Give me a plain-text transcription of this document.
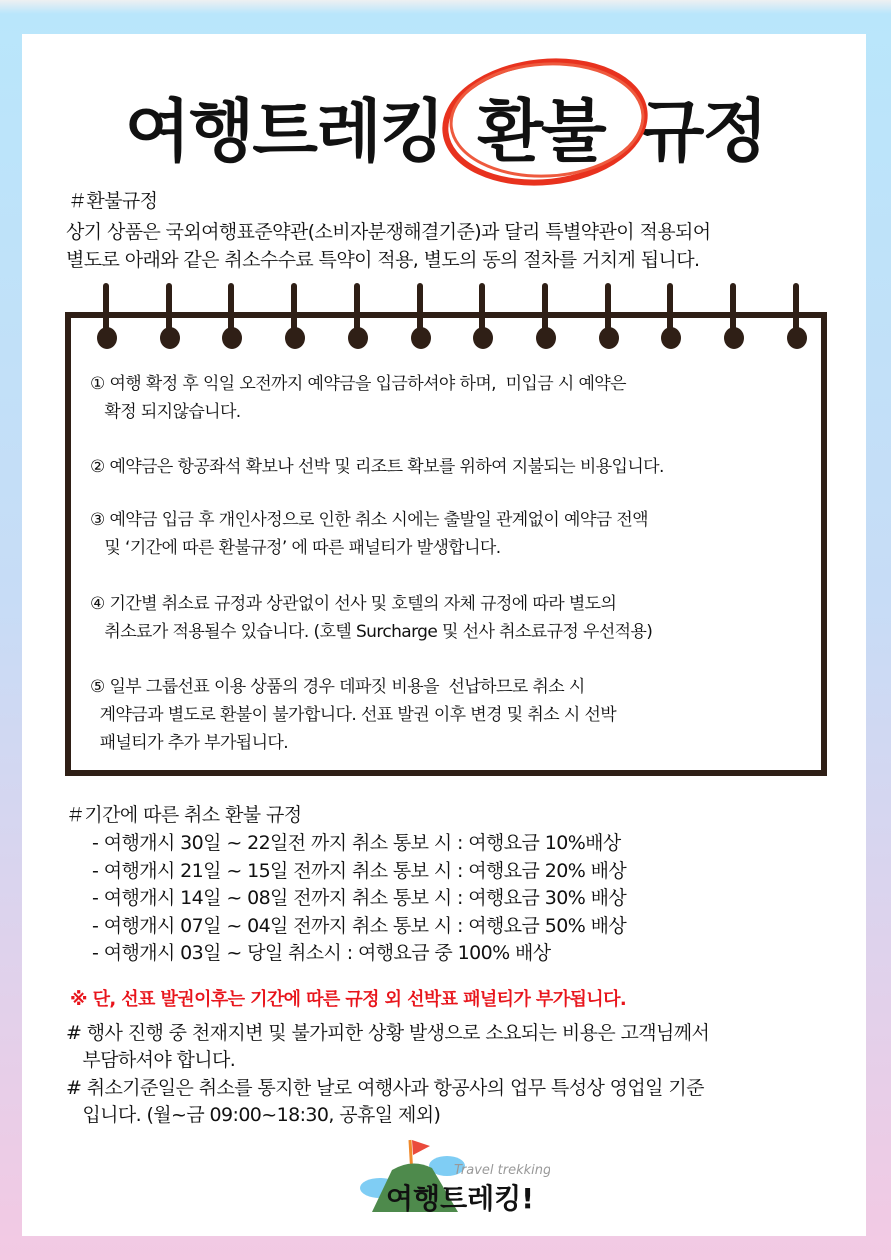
여행트레킹 환불 규정
＃환불규정
상기 상품은 국외여행표준약관(소비자분쟁해결기준)과 달리 특별약관이 적용되어
별도로 아래와 같은 취소수수료 특약이 적용, 별도의 동의 절차를 거치게 됩니다.
① 여행 확정 후 익일 오전까지 예약금을 입금하셔야 하며,  미입금 시 예약은
확정 되지않습니다.
② 예약금은 항공좌석 확보나 선박 및 리조트 확보를 위하여 지불되는 비용입니다.
③ 예약금 입금 후 개인사정으로 인한 취소 시에는 출발일 관계없이 예약금 전액
및 ‘기간에 따른 환불규정’ 에 따른 패널티가 발생합니다.
④ 기간별 취소료 규정과 상관없이 선사 및 호텔의 자체 규정에 따라 별도의
취소료가 적용될수 있습니다. (호텔 Surcharge 및 선사 취소료규정 우선적용)
⑤ 일부 그룹선표 이용 상품의 경우 데파짓 비용을  선납하므로 취소 시
계약금과 별도로 환불이 불가합니다. 선표 발권 이후 변경 및 취소 시 선박
패널티가 추가 부가됩니다.
＃기간에 따른 취소 환불 규정
- 여행개시 30일 ~ 22일전 까지 취소 통보 시 : 여행요금 10%배상
- 여행개시 21일 ~ 15일 전까지 취소 통보 시 : 여행요금 20% 배상
- 여행개시 14일 ~ 08일 전까지 취소 통보 시 : 여행요금 30% 배상
- 여행개시 07일 ~ 04일 전까지 취소 통보 시 : 여행요금 50% 배상
- 여행개시 03일 ~ 당일 취소시 : 여행요금 중 100% 배상
※ 단, 선표 발권이후는 기간에 따른 규정 외 선박표 패널티가 부가됩니다.
# 행사 진행 중 천재지변 및 불가피한 상황 발생으로 소요되는 비용은 고객님께서
부담하셔야 합니다.
# 취소기준일은 취소를 통지한 날로 여행사과 항공사의 업무 특성상 영업일 기준
입니다. (월~금 09:00~18:30, 공휴일 제외)
Travel trekking
여행트레킹!
